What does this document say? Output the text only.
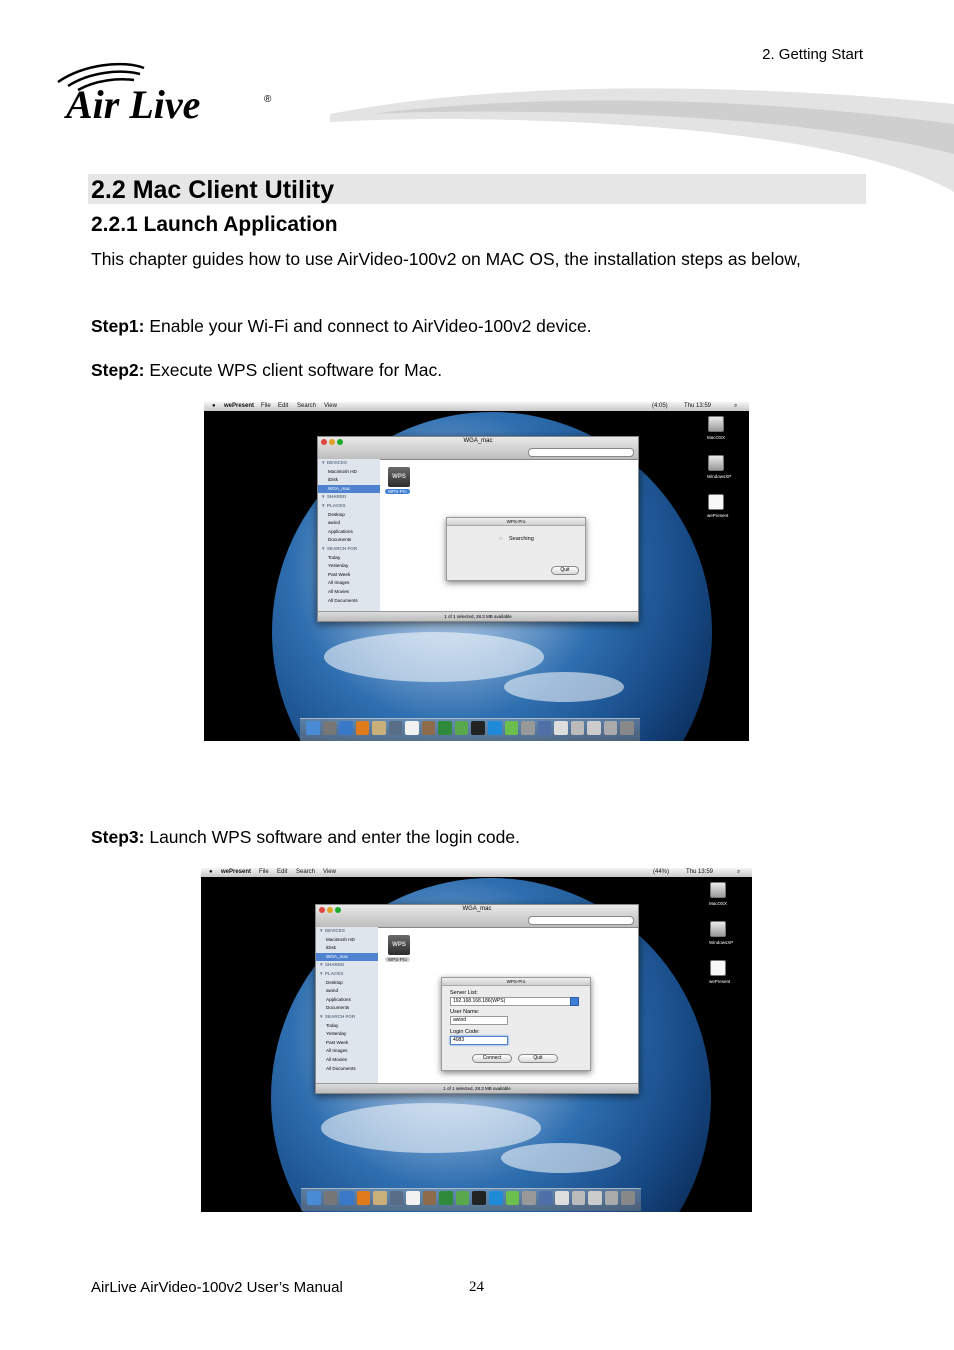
2. Getting Start
Air Live	®
2.2 Mac Client Utility
2.2.1 Launch Application
This chapter guides how to use AirVideo-100v2 on MAC OS, the installation steps as below,
Step1: Enable your Wi-Fi and connect to AirVideo-100v2 device.
Step2: Execute WPS client software for Mac.
● wePresent File Edit Search View	(4:05)	Thu 13:59	⌕
WGA_mac
▼ DEVICES
Macintosh HD
iDisk
WGA_mac
▼ SHARED
▼ PLACES
Desktop
awind
Applications
Documents
▼ SEARCH FOR
Today
Yesterday
Past Week
All Images
All Movies
All Documents
WPS
WPS-Pro
WPS-Pro
◌ Searching
Quit
1 of 1 selected, 28.3 MB available
MacOSX
WindowsXP
wePresent
Step3: Launch WPS software and enter the login code.
● wePresent File Edit Search View	(44%)	Thu 13:59	⌕
WGA_mac
▼ DEVICES
Macintosh HD
iDisk
WGA_mac
▼ SHARED
▼ PLACES
Desktop
awind
Applications
Documents
▼ SEARCH FOR
Today
Yesterday
Past Week
All Images
All Movies
All Documents
WPS
WPS-Pro
WPS-Pro
Server List:
192.168.168.186(WPS)
User Name:
awind
Login Code:
4083
Connect	Quit
1 of 1 selected, 28.3 MB available
MacOSX
WindowsXP
wePresent
AirLive AirVideo-100v2 User’s Manual	24
